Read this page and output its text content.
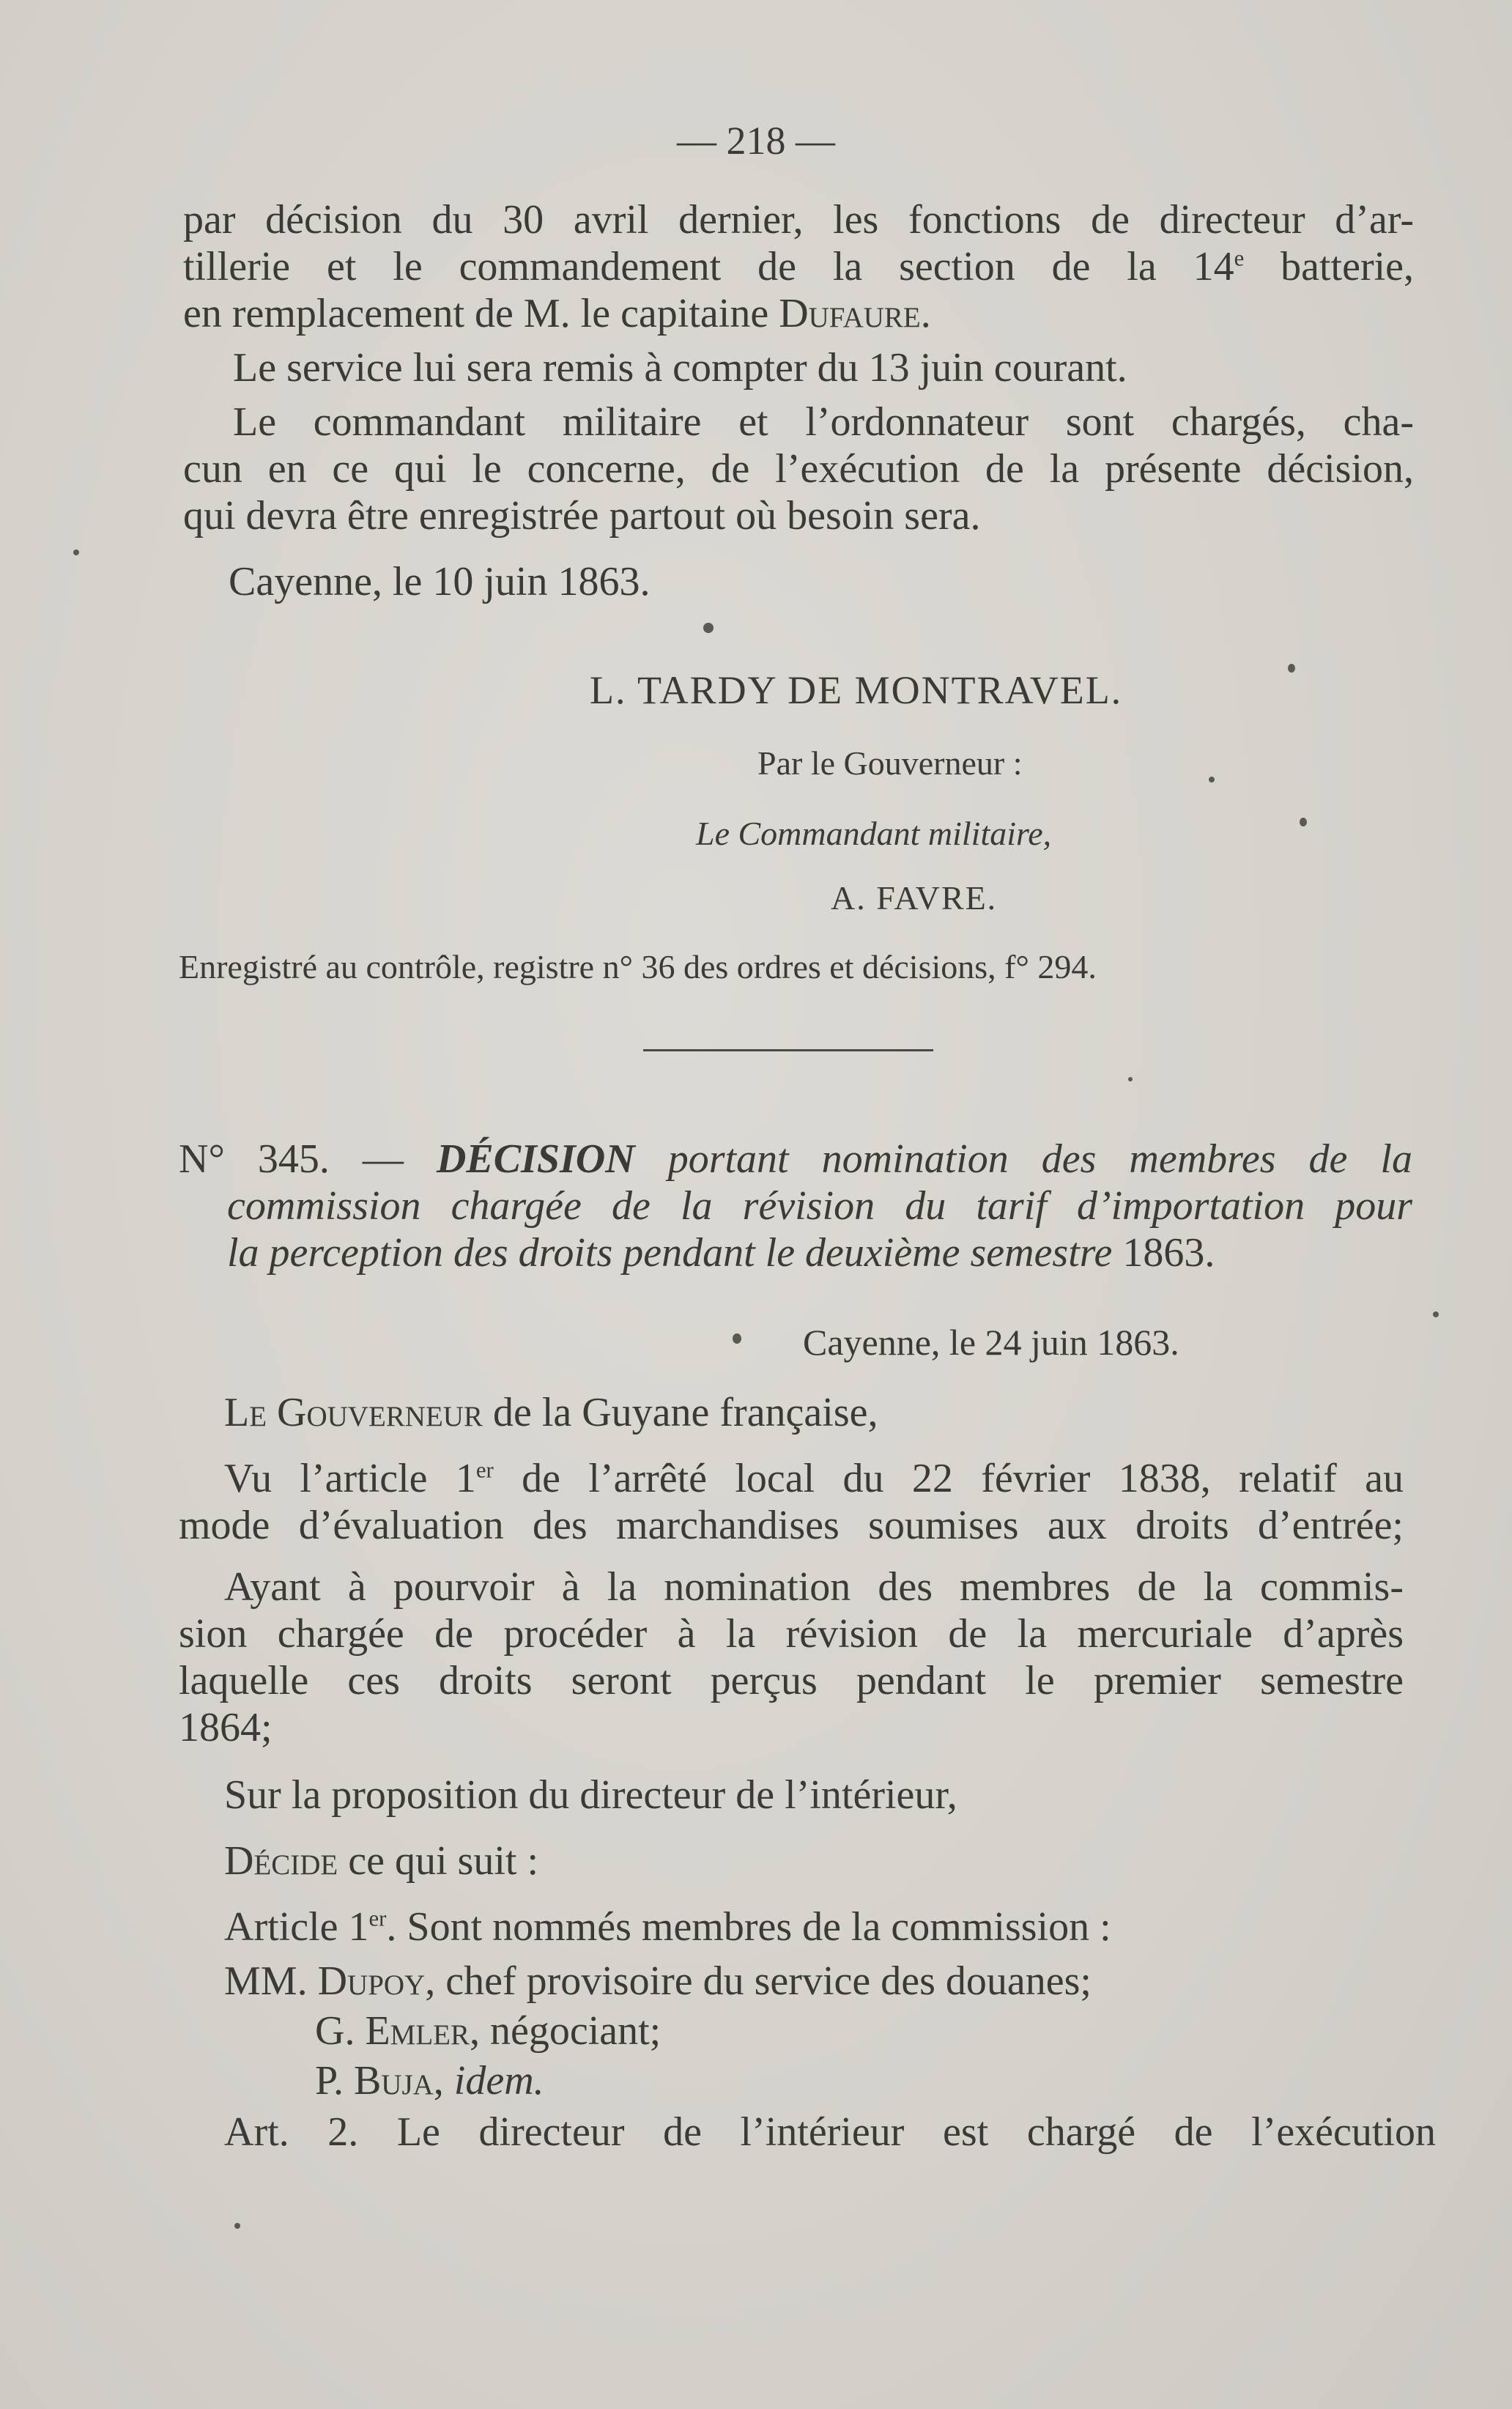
— 218 —
par décision du 30 avril dernier, les fonctions de directeur d’ar-
tillerie et le commandement de la section de la 14e batterie,
en remplacement de M. le capitaine Dufaure.
Le service lui sera remis à compter du 13 juin courant.
Le commandant militaire et l’ordonnateur sont chargés, cha-
cun en ce qui le concerne, de l’exécution de la présente décision,
qui devra être enregistrée partout où besoin sera.
Cayenne, le 10 juin 1863.
L. TARDY DE MONTRAVEL.
Par le Gouverneur :
Le Commandant militaire,
A. FAVRE.
Enregistré au contrôle, registre n° 36 des ordres et décisions, f° 294.
N° 345. — DÉCISION portant nomination des membres de la
commission chargée de la révision du tarif d’importation pour
la perception des droits pendant le deuxième semestre 1863.
Cayenne, le 24 juin 1863.
Le Gouverneur de la Guyane française,
Vu l’article 1er de l’arrêté local du 22 février 1838, relatif au
mode d’évaluation des marchandises soumises aux droits d’entrée;
Ayant à pourvoir à la nomination des membres de la commis-
sion chargée de procéder à la révision de la mercuriale d’après
laquelle ces droits seront perçus pendant le premier semestre
1864;
Sur la proposition du directeur de l’intérieur,
Décide ce qui suit :
Article 1er. Sont nommés membres de la commission :
MM. Dupoy, chef provisoire du service des douanes;
G. Emler, négociant;
P. Buja, idem.
Art. 2. Le directeur de l’intérieur est chargé de l’exécution
